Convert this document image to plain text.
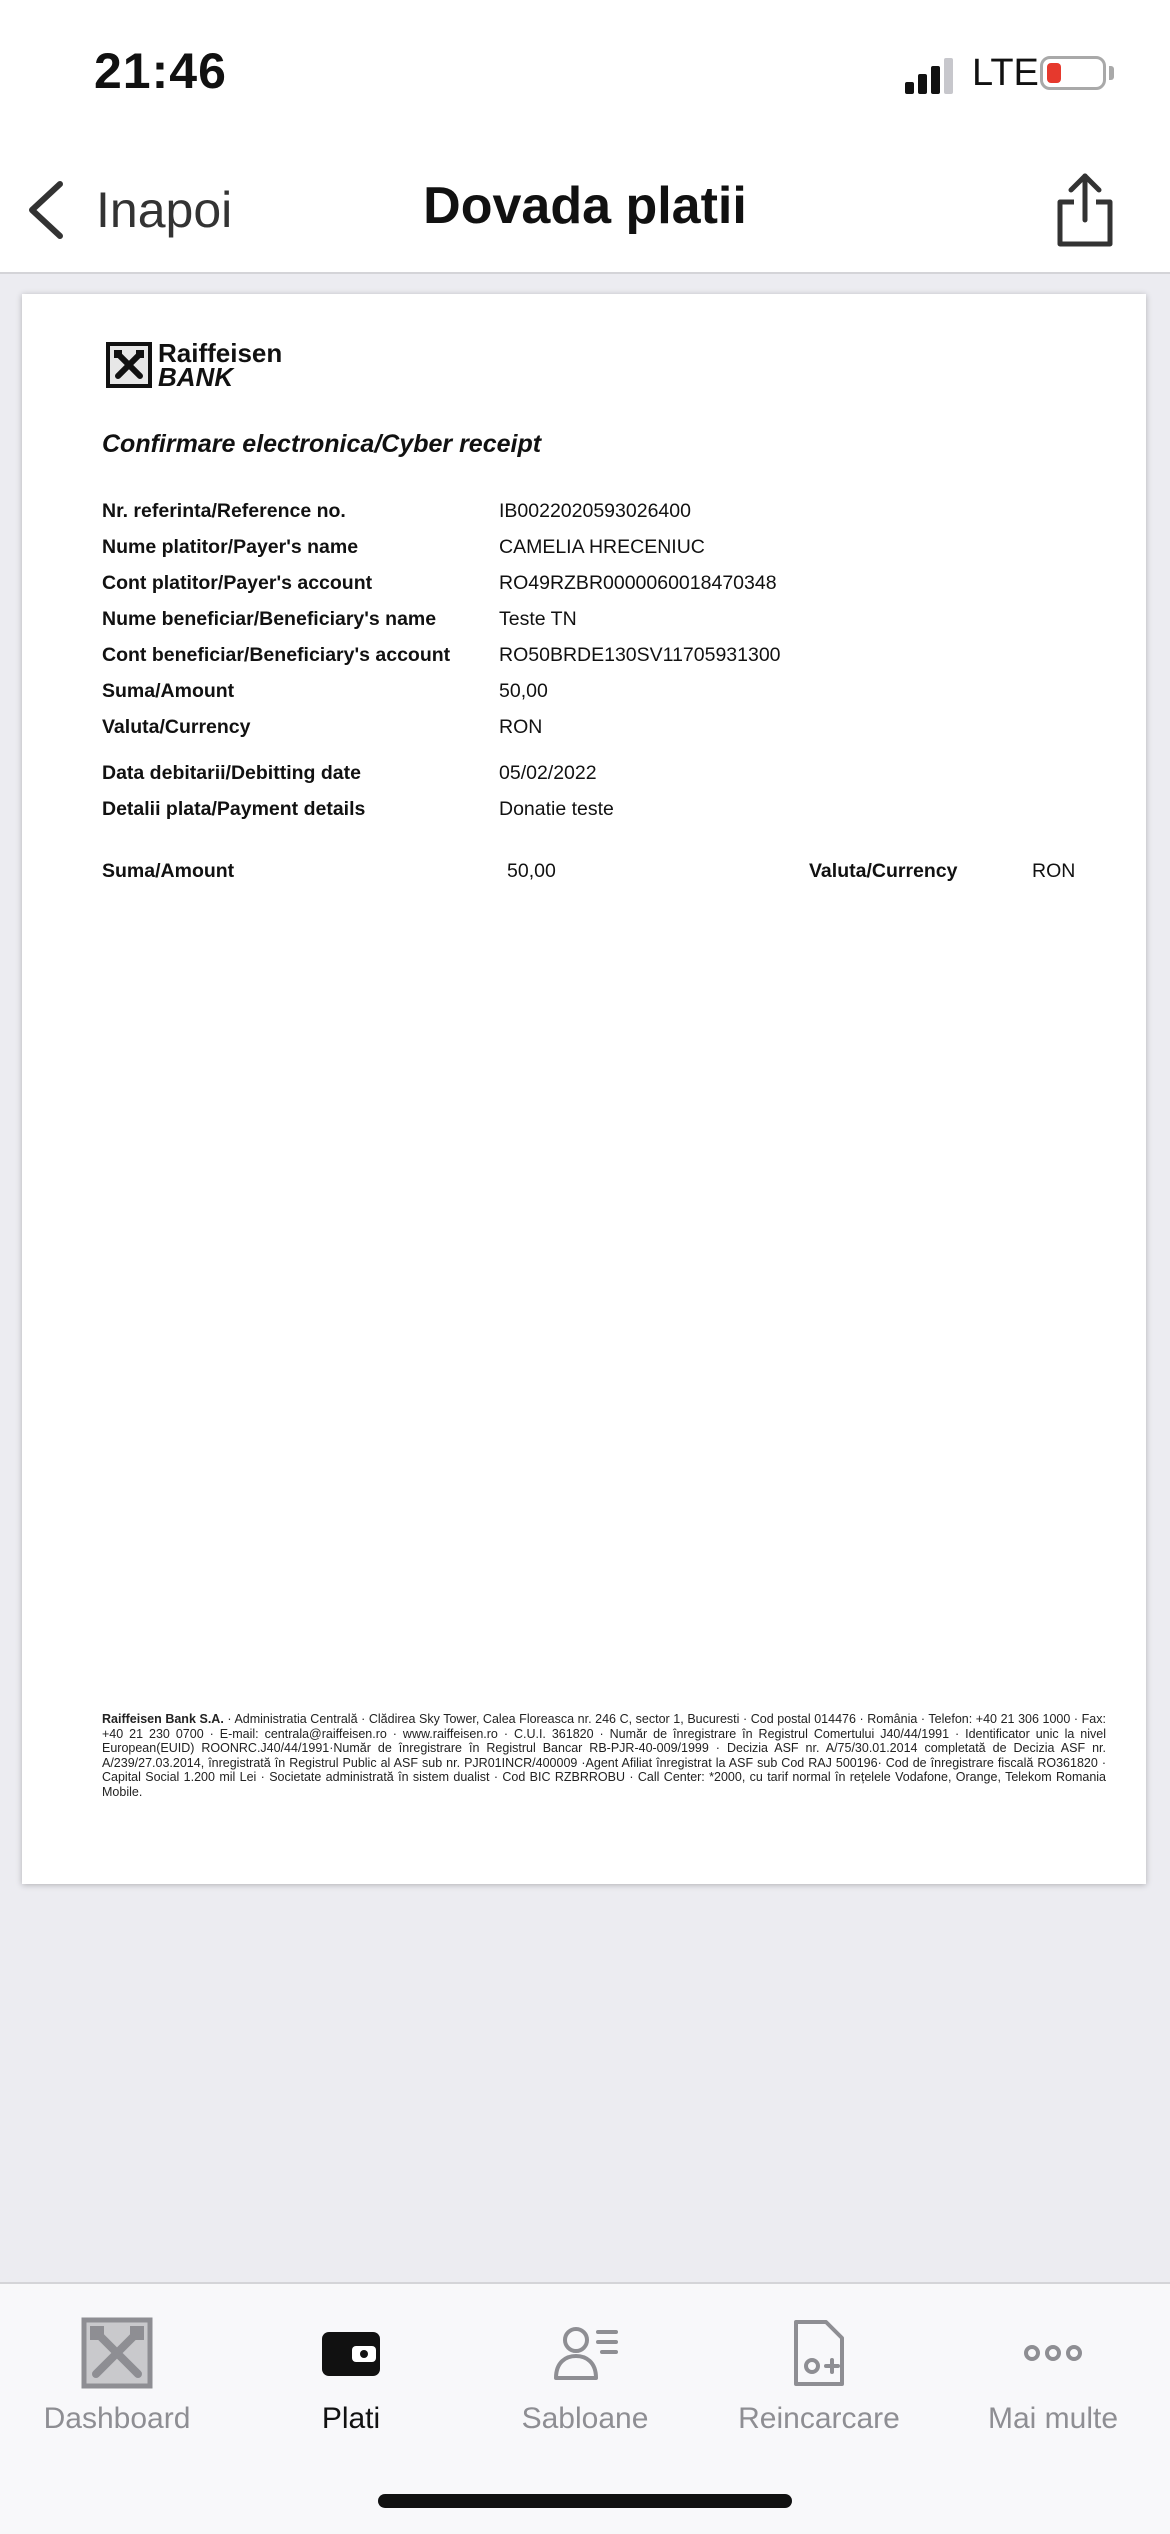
21:46	LTE
Inapoi	Dovada platii
Raiffeisen
BANK
Confirmare electronica/Cyber receipt
Nr. referinta/Reference no.	IB0022020593026400
Nume platitor/Payer's name	CAMELIA HRECENIUC
Cont platitor/Payer's account	RO49RZBR0000060018470348
Nume beneficiar/Beneficiary's name	Teste TN
Cont beneficiar/Beneficiary's account	RO50BRDE130SV11705931300
Suma/Amount	50,00
Valuta/Currency	RON
Data debitarii/Debitting date	05/02/2022
Detalii plata/Payment details	Donatie teste
Suma/Amount	50,00	Valuta/Currency	RON
Raiffeisen Bank S.A. · Administratia Centrală · Clădirea Sky Tower, Calea Floreasca nr. 246 C, sector 1, Bucuresti · Cod postal 014476 · România · Telefon: +40 21 306 1000 · Fax: +40 21 230 0700 · E-mail: centrala@raiffeisen.ro · www.raiffeisen.ro · C.U.I. 361820 · Număr de înregistrare în Registrul Comertului J40/44/1991 · Identificator unic la nivel European(EUID) ROONRC.J40/44/1991·Număr de înregistrare în Registrul Bancar RB-PJR-40-009/1999 · Decizia ASF nr. A/75/30.01.2014 completată de Decizia ASF nr. A/239/27.03.2014, înregistrată în Registrul Public al ASF sub nr. PJR01INCR/400009 ·Agent Afiliat înregistrat la ASF sub Cod RAJ 500196· Cod de înregistrare fiscală RO361820 · Capital Social 1.200 mil Lei · Societate administrată în sistem dualist · Cod BIC RZBRROBU · Call Center: *2000, cu tarif normal în rețelele Vodafone, Orange, Telekom Romania Mobile.
Dashboard	Plati	Sabloane	Reincarcare	Mai multe
